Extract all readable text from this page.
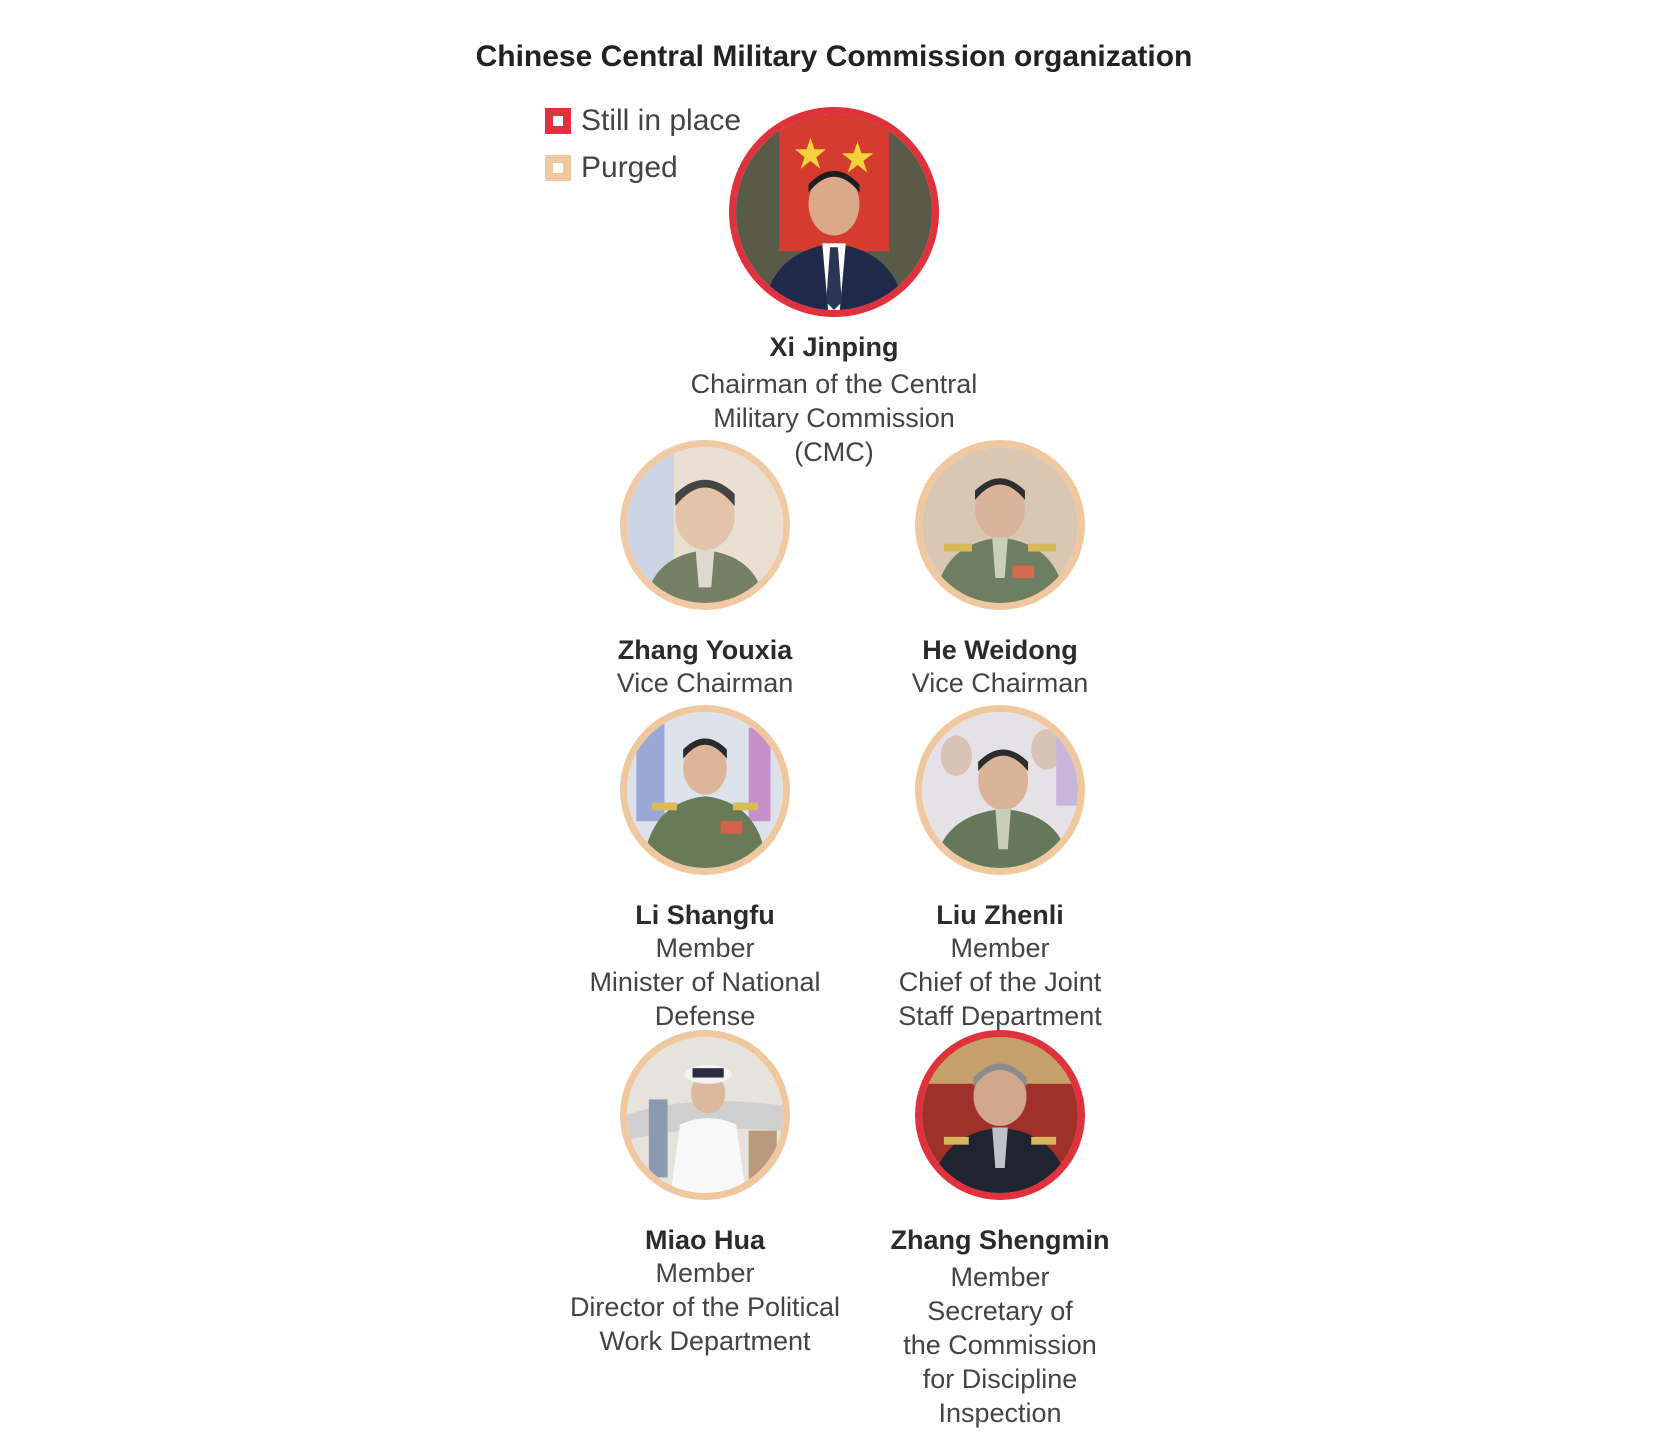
Chinese Central Military Commission organization
Still in place
Purged
Xi Jinping
Chairman of the Central
Military Commission (CMC)
Zhang Youxia
Vice Chairman
He Weidong
Vice Chairman
Li Shangfu
Member
Minister of National
Defense
Liu Zhenli
Member
Chief of the Joint
Staff Department
Miao Hua
Member
Director of the Political
Work Department
Zhang Shengmin
Member
Secretary of
the Commission
for Discipline
Inspection
